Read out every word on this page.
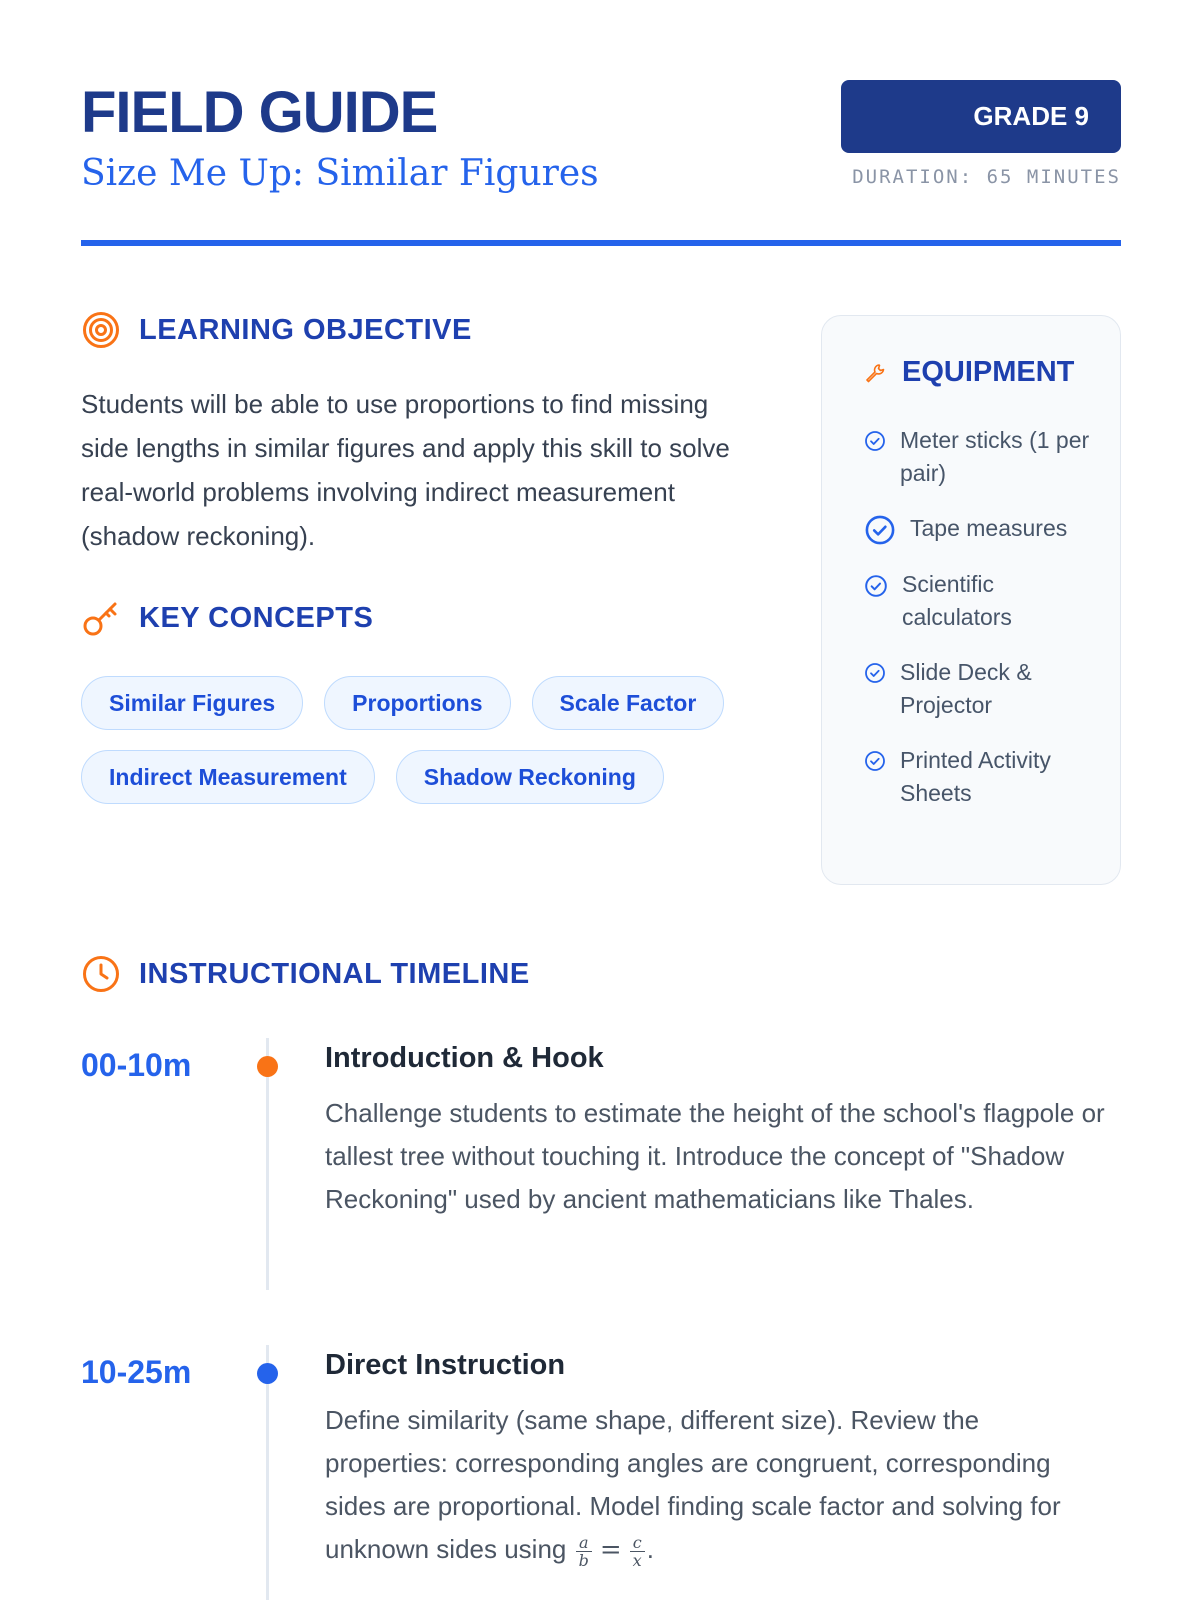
FIELD GUIDE
Size Me Up: Similar Figures
GRADE 9
DURATION: 65 MINUTES
LEARNING OBJECTIVE
Students will be able to use proportions to find missing side lengths in similar figures and apply this skill to solve real-world problems involving indirect measurement (shadow reckoning).
KEY CONCEPTS
Similar Figures	Proportions	Scale Factor
Indirect Measurement	Shadow Reckoning
EQUIPMENT
Meter sticks (1 per pair)
Tape measures
Scientific calculators
Slide Deck & Projector
Printed Activity Sheets
INSTRUCTIONAL TIMELINE
00-10m	Introduction & Hook
Challenge students to estimate the height of the school's flagpole or tallest tree without touching it. Introduce the concept of "Shadow Reckoning" used by ancient mathematicians like Thales.
10-25m	Direct Instruction
Define similarity (same shape, different size). Review the properties: corresponding angles are congruent, corresponding sides are proportional. Model finding scale factor and solving for unknown sides using $\frac{a}{b} = \frac{c}{x}$ .
